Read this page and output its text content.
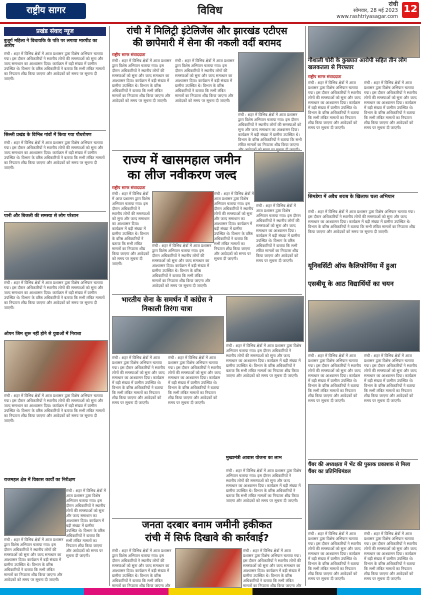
राष्ट्रीय सागर	विविध	रांची
सोमवार, 28 मई 2023
www.rashtriyasagar.com
12
प्रखंड संवाद न्यूज
बुजुर्ग महिला ने विधायकि के पति पर लगाया मारपीट का आरोप
रांची : शहर में विभिन्न क्षेत्रों में आज प्रशासन द्वारा विशेष अभियान चलाया गया। इस दौरान अधिकारियों ने स्थानीय लोगों की समस्याओं को सुना और जल्द समाधान का आश्वासन दिया। कार्यक्रम में बड़ी संख्या में ग्रामीण उपस्थित थे। विभाग के वरिष्ठ अधिकारियों ने बताया कि सभी लंबित मामलों का निपटारा शीघ्र किया जाएगा और आवेदकों को समय पर सूचना दी जाएगी।
सिल्ली प्रखंड के विभिन्न गांवों में किया गया पौधरोपण
रांची : शहर में विभिन्न क्षेत्रों में आज प्रशासन द्वारा विशेष अभियान चलाया गया। इस दौरान अधिकारियों ने स्थानीय लोगों की समस्याओं को सुना और जल्द समाधान का आश्वासन दिया। कार्यक्रम में बड़ी संख्या में ग्रामीण उपस्थित थे। विभाग के वरिष्ठ अधिकारियों ने बताया कि सभी लंबित मामलों का निपटारा शीघ्र किया जाएगा और आवेदकों को समय पर सूचना दी जाएगी।
पानी और बिजली की समस्या से लोग परेशान
रांची : शहर में विभिन्न क्षेत्रों में आज प्रशासन द्वारा विशेष अभियान चलाया गया। इस दौरान अधिकारियों ने स्थानीय लोगों की समस्याओं को सुना और जल्द समाधान का आश्वासन दिया। कार्यक्रम में बड़ी संख्या में ग्रामीण उपस्थित थे। विभाग के वरिष्ठ अधिकारियों ने बताया कि सभी लंबित मामलों का निपटारा शीघ्र किया जाएगा और आवेदकों को समय पर सूचना दी जाएगी।
ओपन जिम शुरू नहीं होने से युवाओं में निराशा
रांची : शहर में विभिन्न क्षेत्रों में आज प्रशासन द्वारा विशेष अभियान चलाया गया। इस दौरान अधिकारियों ने स्थानीय लोगों की समस्याओं को सुना और जल्द समाधान का आश्वासन दिया। कार्यक्रम में बड़ी संख्या में ग्रामीण उपस्थित थे। विभाग के वरिष्ठ अधिकारियों ने बताया कि सभी लंबित मामलों का निपटारा शीघ्र किया जाएगा और आवेदकों को समय पर सूचना दी जाएगी।
राजमहल क्षेत्र में विकास कार्यों का निरीक्षण
रांची : शहर में विभिन्न क्षेत्रों में आज प्रशासन द्वारा विशेष अभियान चलाया गया। इस दौरान अधिकारियों ने स्थानीय लोगों की समस्याओं को सुना और जल्द समाधान का आश्वासन दिया। कार्यक्रम में बड़ी संख्या में ग्रामीण उपस्थित थे। विभाग के वरिष्ठ अधिकारियों ने बताया कि सभी लंबित मामलों का निपटारा शीघ्र किया जाएगा और आवेदकों को समय पर सूचना दी जाएगी।
रांची : शहर में विभिन्न क्षेत्रों में आज प्रशासन द्वारा विशेष अभियान चलाया गया। इस दौरान अधिकारियों ने स्थानीय लोगों की समस्याओं को सुना और जल्द समाधान का आश्वासन दिया। कार्यक्रम में बड़ी संख्या में ग्रामीण उपस्थित थे। विभाग के वरिष्ठ अधिकारियों ने बताया कि सभी लंबित मामलों का निपटारा शीघ्र किया जाएगा और आवेदकों को समय पर सूचना दी जाएगी।
रांची में मिलिट्री इंटेलिजेंस और झारखंड एटीएस
की छापेमारी में सेना की नकली वर्दी बरामद
राष्ट्रीय सागर संवाददाता
रांची : शहर में विभिन्न क्षेत्रों में आज प्रशासन द्वारा विशेष अभियान चलाया गया। इस दौरान अधिकारियों ने स्थानीय लोगों की समस्याओं को सुना और जल्द समाधान का आश्वासन दिया। कार्यक्रम में बड़ी संख्या में ग्रामीण उपस्थित थे। विभाग के वरिष्ठ अधिकारियों ने बताया कि सभी लंबित मामलों का निपटारा शीघ्र किया जाएगा और आवेदकों को समय पर सूचना दी जाएगी।
रांची : शहर में विभिन्न क्षेत्रों में आज प्रशासन द्वारा विशेष अभियान चलाया गया। इस दौरान अधिकारियों ने स्थानीय लोगों की समस्याओं को सुना और जल्द समाधान का आश्वासन दिया। कार्यक्रम में बड़ी संख्या में ग्रामीण उपस्थित थे। विभाग के वरिष्ठ अधिकारियों ने बताया कि सभी लंबित मामलों का निपटारा शीघ्र किया जाएगा और आवेदकों को समय पर सूचना दी जाएगी।
रांची : शहर में विभिन्न क्षेत्रों में आज प्रशासन द्वारा विशेष अभियान चलाया गया। इस दौरान अधिकारियों ने स्थानीय लोगों की समस्याओं को सुना और जल्द समाधान का आश्वासन दिया। कार्यक्रम में बड़ी संख्या में ग्रामीण उपस्थित थे। विभाग के वरिष्ठ अधिकारियों ने बताया कि सभी लंबित मामलों का निपटारा शीघ्र किया जाएगा
राज्य में खासमहाल जमीन
का लीज नवीकरण जल्द
राष्ट्रीय सागर संवाददाता
रांची : शहर में विभिन्न क्षेत्रों में आज प्रशासन द्वारा विशेष अभियान चलाया गया। इस दौरान अधिकारियों ने स्थानीय लोगों की समस्याओं को सुना और जल्द समाधान का आश्वासन दिया। कार्यक्रम में बड़ी संख्या में ग्रामीण उपस्थित थे। विभाग के वरिष्ठ अधिकारियों ने बताया कि सभी लंबित मामलों का निपटारा शीघ्र किया जाएगा और आवेदकों को समय पर सूचना दी जाएगी।
रांची : शहर में विभिन्न क्षेत्रों में आज प्रशासन द्वारा विशेष अभियान चलाया गया। इस दौरान अधिकारियों ने स्थानीय लोगों की समस्याओं को सुना और जल्द समाधान का आश्वासन दिया। कार्यक्रम में बड़ी संख्या में ग्रामीण उपस्थित थे। विभाग के वरिष्ठ अधिकारियों ने बताया कि सभी लंबित मामलों का निपटारा शीघ्र किया जाएगा और आवेदकों को समय पर सूचना दी जाएगी।
रांची : शहर में विभिन्न क्षेत्रों में आज प्रशासन द्वारा विशेष अभियान चलाया गया। इस दौरान अधिकारियों ने स्थानीय लोगों की समस्याओं को सुना और जल्द समाधान का आश्वासन दिया। कार्यक्रम में बड़ी संख्या में ग्रामीण उपस्थित थे। विभाग के वरिष्ठ अधिकारियों ने बताया कि सभी लंबित मामलों का निपटारा शीघ्र किया जाएगा और आवेदकों को समय पर सूचना दी जाएगी।
रांची : शहर में विभिन्न क्षेत्रों में आज प्रशासन द्वारा विशेष अभियान चलाया गया। इस दौरान अधिकारियों ने स्थानीय लोगों की समस्याओं को सुना और जल्द समाधान का आश्वासन दिया। कार्यक्रम में बड़ी संख्या में ग्रामीण उपस्थित थे। विभाग के वरिष्ठ अधिकारियों ने बताया कि सभी लंबित मामलों का निपटारा शीघ्र किया जाएगा और आवेदकों को समय पर सूचना दी जाएगी।
भारतीय सेना के समर्थन में कांग्रेस ने निकाली तिरंगा यात्रा
रांची : शहर में विभिन्न क्षेत्रों में आज प्रशासन द्वारा विशेष अभियान चलाया गया। इस दौरान अधिकारियों ने स्थानीय लोगों की समस्याओं को सुना और जल्द समाधान का आश्वासन दिया। कार्यक्रम में बड़ी संख्या में ग्रामीण उपस्थित थे। विभाग के वरिष्ठ अधिकारियों ने बताया कि सभी लंबित मामलों का निपटारा शीघ्र किया जाएगा और आवेदकों को समय पर सूचना दी जाएगी।
रांची : शहर में विभिन्न क्षेत्रों में आज प्रशासन द्वारा विशेष अभियान चलाया गया। इस दौरान अधिकारियों ने स्थानीय लोगों की समस्याओं को सुना और जल्द समाधान का आश्वासन दिया। कार्यक्रम में बड़ी संख्या में ग्रामीण उपस्थित थे। विभाग के वरिष्ठ अधिकारियों ने बताया कि सभी लंबित मामलों का निपटारा शीघ्र किया जाएगा और आवेदकों को समय पर सूचना दी जाएगी।
रांची : शहर में विभिन्न क्षेत्रों में आज प्रशासन द्वारा विशेष अभियान चलाया गया। इस दौरान अधिकारियों ने स्थानीय लोगों की समस्याओं को सुना और जल्द समाधान का आश्वासन दिया। कार्यक्रम में बड़ी संख्या में ग्रामीण उपस्थित थे। विभाग के वरिष्ठ अधिकारियों ने बताया कि सभी लंबित मामलों का निपटारा शीघ्र किया जाएगा और आवेदकों को समय पर सूचना दी जाएगी।
मुख्यमंत्री आवास योजना का लाभ
रांची : शहर में विभिन्न क्षेत्रों में आज प्रशासन द्वारा विशेष अभियान चलाया गया। इस दौरान अधिकारियों ने स्थानीय लोगों की समस्याओं को सुना और जल्द समाधान का आश्वासन दिया। कार्यक्रम में बड़ी संख्या में ग्रामीण उपस्थित थे। विभाग के वरिष्ठ अधिकारियों ने बताया कि सभी लंबित मामलों का निपटारा शीघ्र किया जाएगा और आवेदकों को समय पर सूचना दी जाएगी।
जनता दरबार बनाम जमीनी हकीकत
रांची में सिर्फ दिखावे की कार्रवाई?
रांची : शहर में विभिन्न क्षेत्रों में आज प्रशासन द्वारा विशेष अभियान चलाया गया। इस दौरान अधिकारियों ने स्थानीय लोगों की समस्याओं को सुना और जल्द समाधान का आश्वासन दिया। कार्यक्रम में बड़ी संख्या में ग्रामीण उपस्थित थे। विभाग के वरिष्ठ अधिकारियों ने बताया कि सभी लंबित मामलों का निपटारा शीघ्र किया जाएगा और
रांची : शहर में विभिन्न क्षेत्रों में आज प्रशासन द्वारा विशेष अभियान चलाया गया। इस दौरान अधिकारियों ने स्थानीय लोगों की समस्याओं को सुना और जल्द समाधान का आश्वासन दिया। कार्यक्रम में बड़ी संख्या में ग्रामीण उपस्थित थे। विभाग के वरिष्ठ अधिकारियों ने बताया कि सभी लंबित मामलों का निपटारा शीघ्र किया जाएगा और
गौशाली चोरी के कुख्यात आरोपी सहित तीन लोग खलकतला से गिरफ्तार
राष्ट्रीय सागर संवाददाता
रांची : शहर में विभिन्न क्षेत्रों में आज प्रशासन द्वारा विशेष अभियान चलाया गया। इस दौरान अधिकारियों ने स्थानीय लोगों की समस्याओं को सुना और जल्द समाधान का आश्वासन दिया। कार्यक्रम में बड़ी संख्या में ग्रामीण उपस्थित थे। विभाग के वरिष्ठ अधिकारियों ने बताया कि सभी लंबित मामलों का निपटारा शीघ्र किया जाएगा और आवेदकों को समय पर सूचना दी जाएगी।
रांची : शहर में विभिन्न क्षेत्रों में आज प्रशासन द्वारा विशेष अभियान चलाया गया। इस दौरान अधिकारियों ने स्थानीय लोगों की समस्याओं को सुना और जल्द समाधान का आश्वासन दिया। कार्यक्रम में बड़ी संख्या में ग्रामीण उपस्थित थे। विभाग के वरिष्ठ अधिकारियों ने बताया कि सभी लंबित मामलों का निपटारा शीघ्र किया जाएगा और आवेदकों को समय पर सूचना दी जाएगी।
सिमडेगा में अवैध शराब के खिलाफ चला अभियान
रांची : शहर में विभिन्न क्षेत्रों में आज प्रशासन द्वारा विशेष अभियान चलाया गया। इस दौरान अधिकारियों ने स्थानीय लोगों की समस्याओं को सुना और जल्द समाधान का आश्वासन दिया। कार्यक्रम में बड़ी संख्या में ग्रामीण उपस्थित थे। विभाग के वरिष्ठ अधिकारियों ने बताया कि सभी लंबित मामलों का निपटारा शीघ्र किया जाएगा और आवेदकों को समय पर सूचना दी जाएगी।
यूनिवर्सिटी ऑफ कैलिफोर्निया में हुआ
एसबीयू के आठ विद्यार्थियों का चयन
रांची : शहर में विभिन्न क्षेत्रों में आज प्रशासन द्वारा विशेष अभियान चलाया गया। इस दौरान अधिकारियों ने स्थानीय लोगों की समस्याओं को सुना और जल्द समाधान का आश्वासन दिया। कार्यक्रम में बड़ी संख्या में ग्रामीण उपस्थित थे। विभाग के वरिष्ठ अधिकारियों ने बताया कि सभी लंबित मामलों का निपटारा शीघ्र किया जाएगा और आवेदकों को समय पर सूचना दी जाएगी।
रांची : शहर में विभिन्न क्षेत्रों में आज प्रशासन द्वारा विशेष अभियान चलाया गया। इस दौरान अधिकारियों ने स्थानीय लोगों की समस्याओं को सुना और जल्द समाधान का आश्वासन दिया। कार्यक्रम में बड़ी संख्या में ग्रामीण उपस्थित थे। विभाग के वरिष्ठ अधिकारियों ने बताया कि सभी लंबित मामलों का निपटारा शीघ्र किया जाएगा और आवेदकों को समय पर सूचना दी जाएगी।
चैंबर की अध्यक्षता में भेंट की पुस्तक प्रकाशक से मिला चैंबर का प्रतिनिधिमंडल
रांची : शहर में विभिन्न क्षेत्रों में आज प्रशासन द्वारा विशेष अभियान चलाया गया। इस दौरान अधिकारियों ने स्थानीय लोगों की समस्याओं को सुना और जल्द समाधान का आश्वासन दिया। कार्यक्रम में बड़ी संख्या में ग्रामीण उपस्थित थे। विभाग के वरिष्ठ अधिकारियों ने बताया कि सभी लंबित मामलों का निपटारा शीघ्र किया जाएगा और आवेदकों को समय पर सूचना दी जाएगी।
रांची : शहर में विभिन्न क्षेत्रों में आज प्रशासन द्वारा विशेष अभियान चलाया गया। इस दौरान अधिकारियों ने स्थानीय लोगों की समस्याओं को सुना और जल्द समाधान का आश्वासन दिया। कार्यक्रम में बड़ी संख्या में ग्रामीण उपस्थित थे। विभाग के वरिष्ठ अधिकारियों ने बताया कि सभी लंबित मामलों का निपटारा शीघ्र किया जाएगा और आवेदकों को समय पर सूचना दी जाएगी।
